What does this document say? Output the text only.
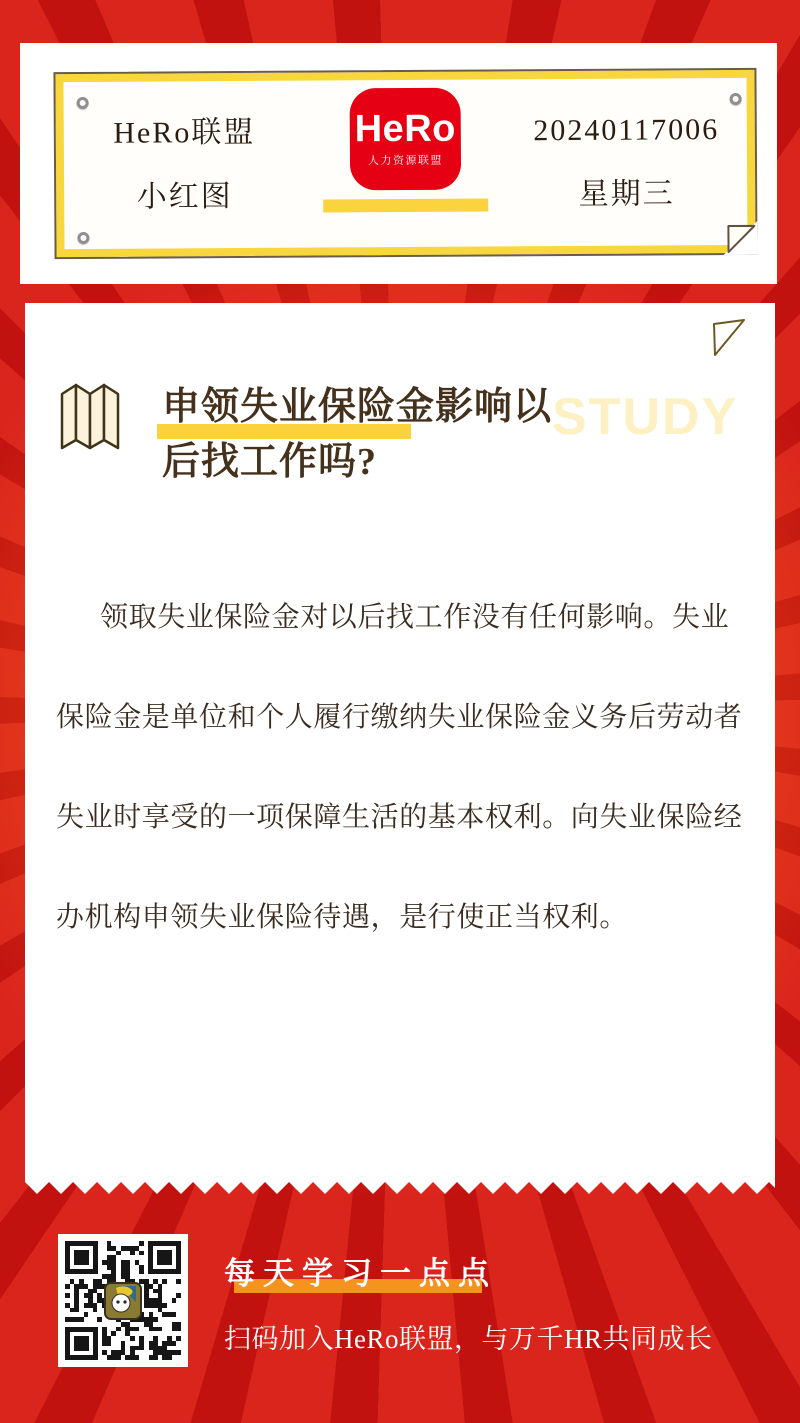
HeRo联盟
小红图
HeRo
人力资源联盟
20240117006
星期三
STUDY
申领失业保险金影响以
后找工作吗?
领取失业保险金对以后找工作没有任何影响。失业
保险金是单位和个人履行缴纳失业保险金义务后劳动者
失业时享受的一项保障生活的基本权利。向失业保险经
办机构申领失业保险待遇，是行使正当权利。
每天学习一点点
扫码加入HeRo联盟，与万千HR共同成长
